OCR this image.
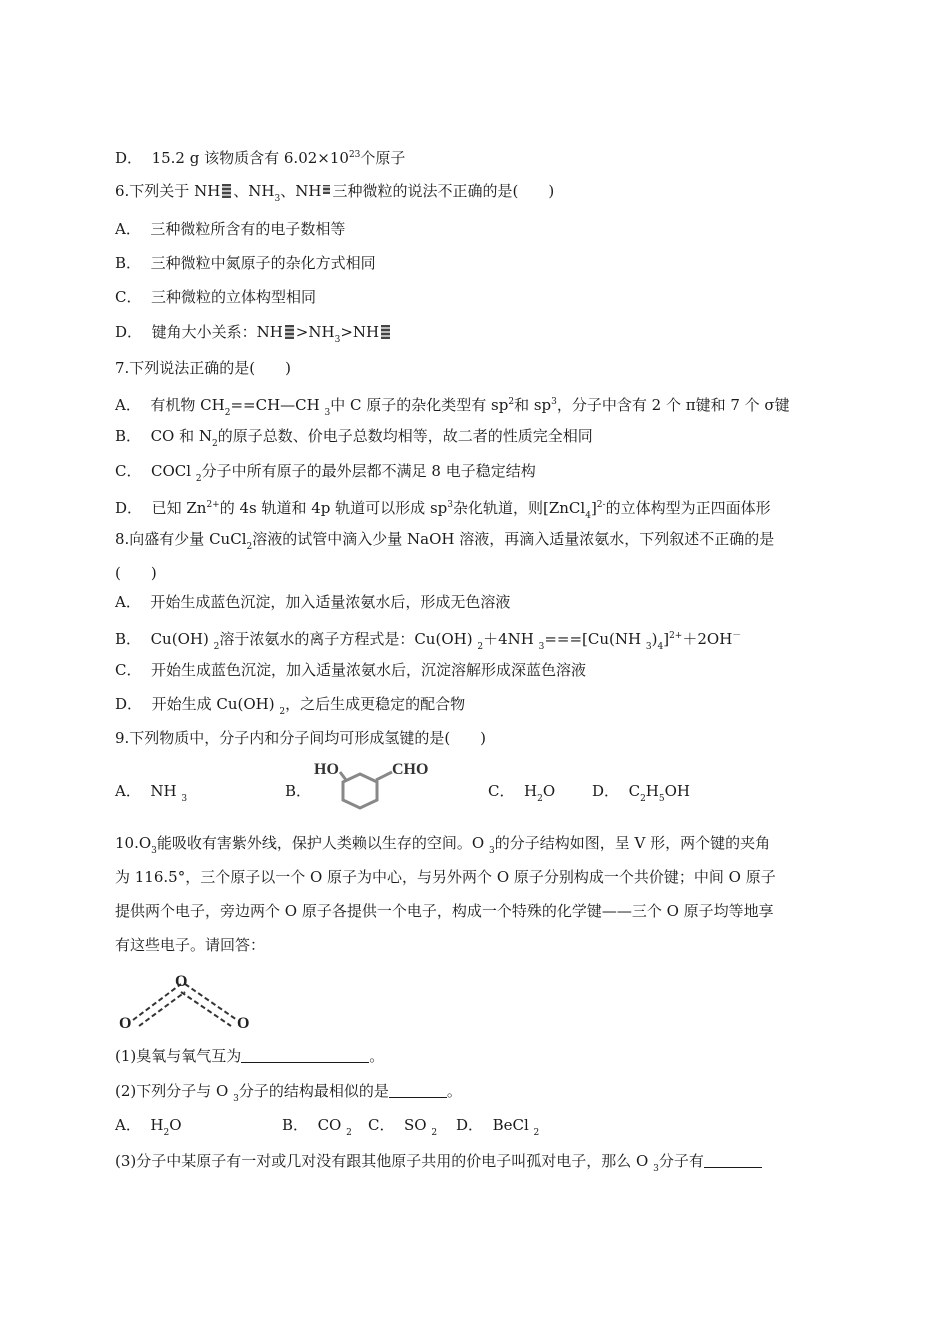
D． 15.2 g 该物质含有 $6.02\times 10^{23}$个原子
6.下列关于 NH 、$NH_3$、NH 三种微粒的说法不正确的是(　　)
A． 三种微粒所含有的电子数相等
B． 三种微粒中氮原子的杂化方式相同
C． 三种微粒的立体构型相同
D． 键角大小关系：NH $>NH_3>NH$
7.下列说法正确的是(　　)
A． 有机物 $CH_2==CH—CH$ $_3$中 C 原子的杂化类型有 $sp^2$和 $sp^3$，分子中含有 2 个 π键和 7 个 σ键
B． CO 和 $N_2$的原子总数、价电子总数均相等，故二者的性质完全相同
C． COCl $_2$分子中所有原子的最外层都不满足 8 电子稳定结构
D． 已知 $Zn^{2+}$的 4s 轨道和 4p 轨道可以形成 $sp^3$杂化轨道，则[ZnCl$_4$]$^{2-}$的立体构型为正四面体形
8.向盛有少量 CuCl$_2$溶液的试管中滴入少量 NaOH 溶液，再滴入适量浓氨水，下列叙述不正确的是
(　　)
A． 开始生成蓝色沉淀，加入适量浓氨水后，形成无色溶液
B． Cu(OH) $_2$溶于浓氨水的离子方程式是：Cu(OH) $_2$＋4NH $_3$===[Cu(NH $_3)_4]^{2+}+2OH^-$
C． 开始生成蓝色沉淀，加入适量浓氨水后，沉淀溶解形成深蓝色溶液
D． 开始生成 Cu(OH) $_2$，之后生成更稳定的配合物
9.下列物质中，分子内和分子间均可形成氢键的是(　　)
A． NH $_3$	B．
HO	CHO
C． $H_2O$ D． $C_2H_5OH$
$10.O_3$能吸收有害紫外线，保护人类赖以生存的空间。O $_3$的分子结构如图，呈 V 形，两个键的夹角
为 116.5°，三个原子以一个 O 原子为中心，与另外两个 O 原子分别构成一个共价键；中间 O 原子
提供两个电子，旁边两个 O 原子各提供一个电子，构成一个特殊的化学键——三个 O 原子均等地享
有这些电子。请回答：
O
O	O
(1)臭氧与氧气互为	。
(2)下列分子与 O $_3$分子的结构最相似的是	。
A． $H_2O$	B． CO $_2$ C． SO $_2$ D． BeCl $_2$
(3)分子中某原子有一对或几对没有跟其他原子共用的价电子叫孤对电子，那么 O $_3$分子有
